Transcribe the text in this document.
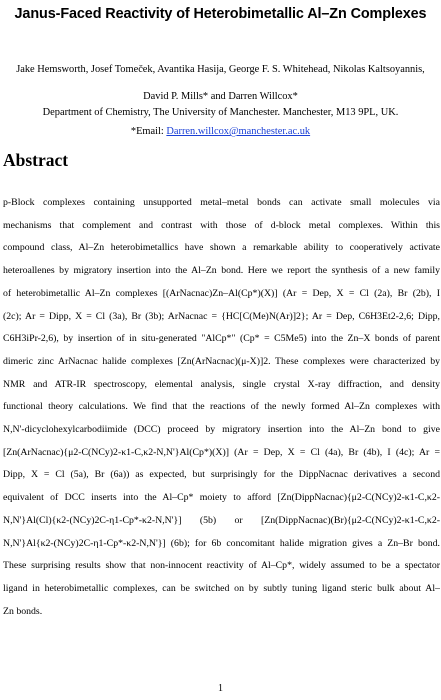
Janus-Faced Reactivity of Heterobimetallic Al–Zn Complexes
Jake Hemsworth, Josef Tomeček, Avantika Hasija, George F. S. Whitehead, Nikolas Kaltsoyannis,
David P. Mills* and Darren Willcox*
Department of Chemistry, The University of Manchester. Manchester, M13 9PL, UK.
*Email: Darren.willcox@manchester.ac.uk
Abstract
p-Block complexes containing unsupported metal–metal bonds can activate small molecules via
mechanisms that complement and contrast with those of d-block metal complexes. Within this
compound class, Al–Zn heterobimetallics have shown a remarkable ability to cooperatively activate
heteroallenes by migratory insertion into the Al–Zn bond. Here we report the synthesis of a new family
of heterobimetallic Al–Zn complexes [(ArNacnac)Zn–Al(Cp*)(X)] (Ar = Dep, X = Cl (2a), Br (2b), I
(2c); Ar = Dipp, X = Cl (3a), Br (3b); ArNacnac = {HC[C(Me)N(Ar)]2}; Ar = Dep, C6H3Et2-2,6; Dipp,
C6H3iPr-2,6), by insertion of in situ-generated "AlCp*" (Cp* = C5Me5) into the Zn–X bonds of parent
dimeric zinc ArNacnac halide complexes [Zn(ArNacnac)(μ-X)]2. These complexes were characterized by
NMR and ATR-IR spectroscopy, elemental analysis, single crystal X-ray diffraction, and density
functional theory calculations. We find that the reactions of the newly formed Al–Zn complexes with
N,N'-dicyclohexylcarbodiimide (DCC) proceed by migratory insertion into the Al–Zn bond to give
[Zn(ArNacnac){μ2-C(NCy)2-κ1-C,κ2-N,N'}Al(Cp*)(X)] (Ar = Dep, X = Cl (4a), Br (4b), I (4c); Ar =
Dipp, X = Cl (5a), Br (6a)) as expected, but surprisingly for the DippNacnac derivatives a second
equivalent of DCC inserts into the Al–Cp* moiety to afford [Zn(DippNacnac){μ2-C(NCy)2-κ1-C,κ2-
N,N'}Al(Cl){κ2-(NCy)2C-η1-Cp*-κ2-N,N'}] (5b) or [Zn(DippNacnac)(Br){μ2-C(NCy)2-κ1-C,κ2-
N,N'}Al{κ2-(NCy)2C-η1-Cp*-κ2-N,N'}] (6b); for 6b concomitant halide migration gives a Zn–Br bond.
These surprising results show that non-innocent reactivity of Al–Cp*, widely assumed to be a spectator
ligand in heterobimetallic complexes, can be switched on by subtly tuning ligand steric bulk about Al–
Zn bonds.
1
